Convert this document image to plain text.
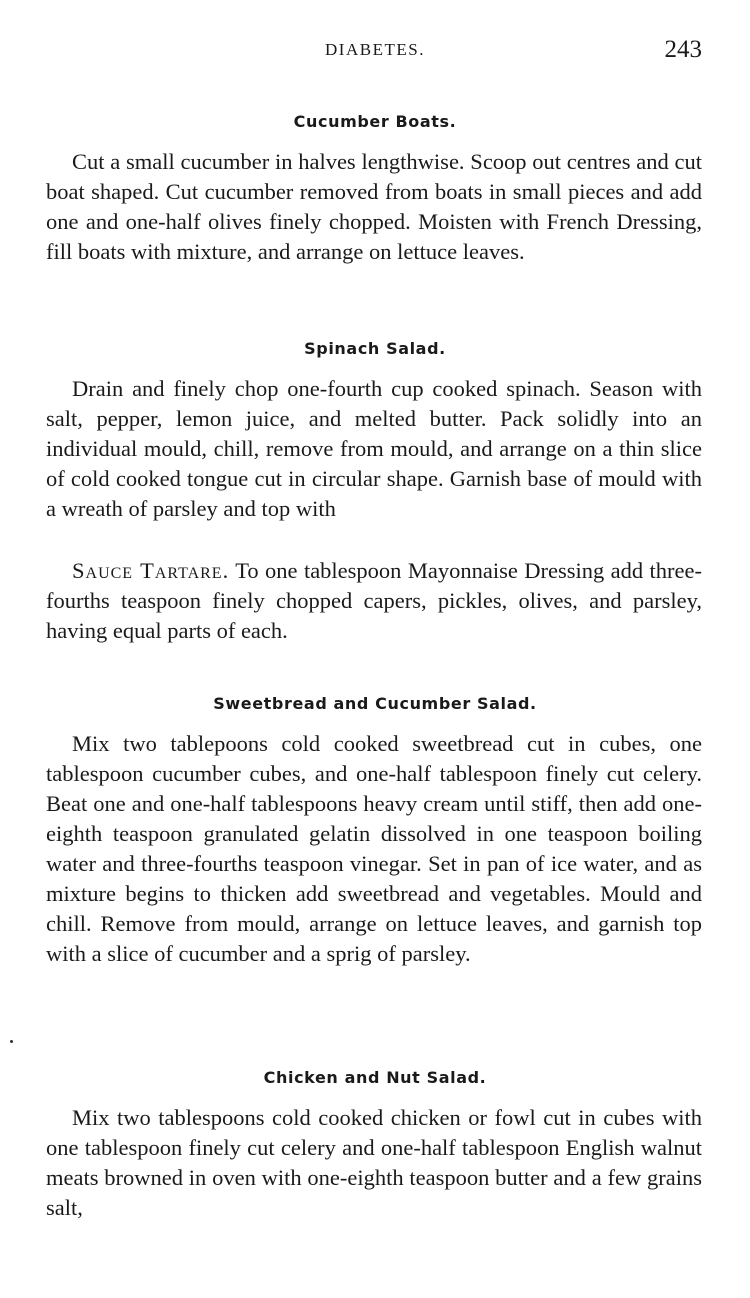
DIABETES.	243
Cucumber Boats.
Cut a small cucumber in halves lengthwise. Scoop out centres and cut boat shaped. Cut cucumber removed from boats in small pieces and add one and one-half olives finely chopped. Moisten with French Dressing, fill boats with mixture, and arrange on lettuce leaves.
Spinach Salad.
Drain and finely chop one-fourth cup cooked spinach. Season with salt, pepper, lemon juice, and melted butter. Pack solidly into an individual mould, chill, remove from mould, and arrange on a thin slice of cold cooked tongue cut in circular shape. Garnish base of mould with a wreath of parsley and top with
Sauce Tartare. To one tablespoon Mayonnaise Dressing add three-fourths teaspoon finely chopped capers, pickles, olives, and parsley, having equal parts of each.
Sweetbread and Cucumber Salad.
Mix two tablepoons cold cooked sweetbread cut in cubes, one tablespoon cucumber cubes, and one-half tablespoon finely cut celery. Beat one and one-half tablespoons heavy cream until stiff, then add one-eighth teaspoon granulated gelatin dissolved in one teaspoon boiling water and three-fourths teaspoon vinegar. Set in pan of ice water, and as mixture begins to thicken add sweetbread and vegetables. Mould and chill. Remove from mould, arrange on lettuce leaves, and garnish top with a slice of cucumber and a sprig of parsley.
Chicken and Nut Salad.
Mix two tablespoons cold cooked chicken or fowl cut in cubes with one tablespoon finely cut celery and one-half tablespoon English walnut meats browned in oven with one-eighth teaspoon butter and a few grains salt,
